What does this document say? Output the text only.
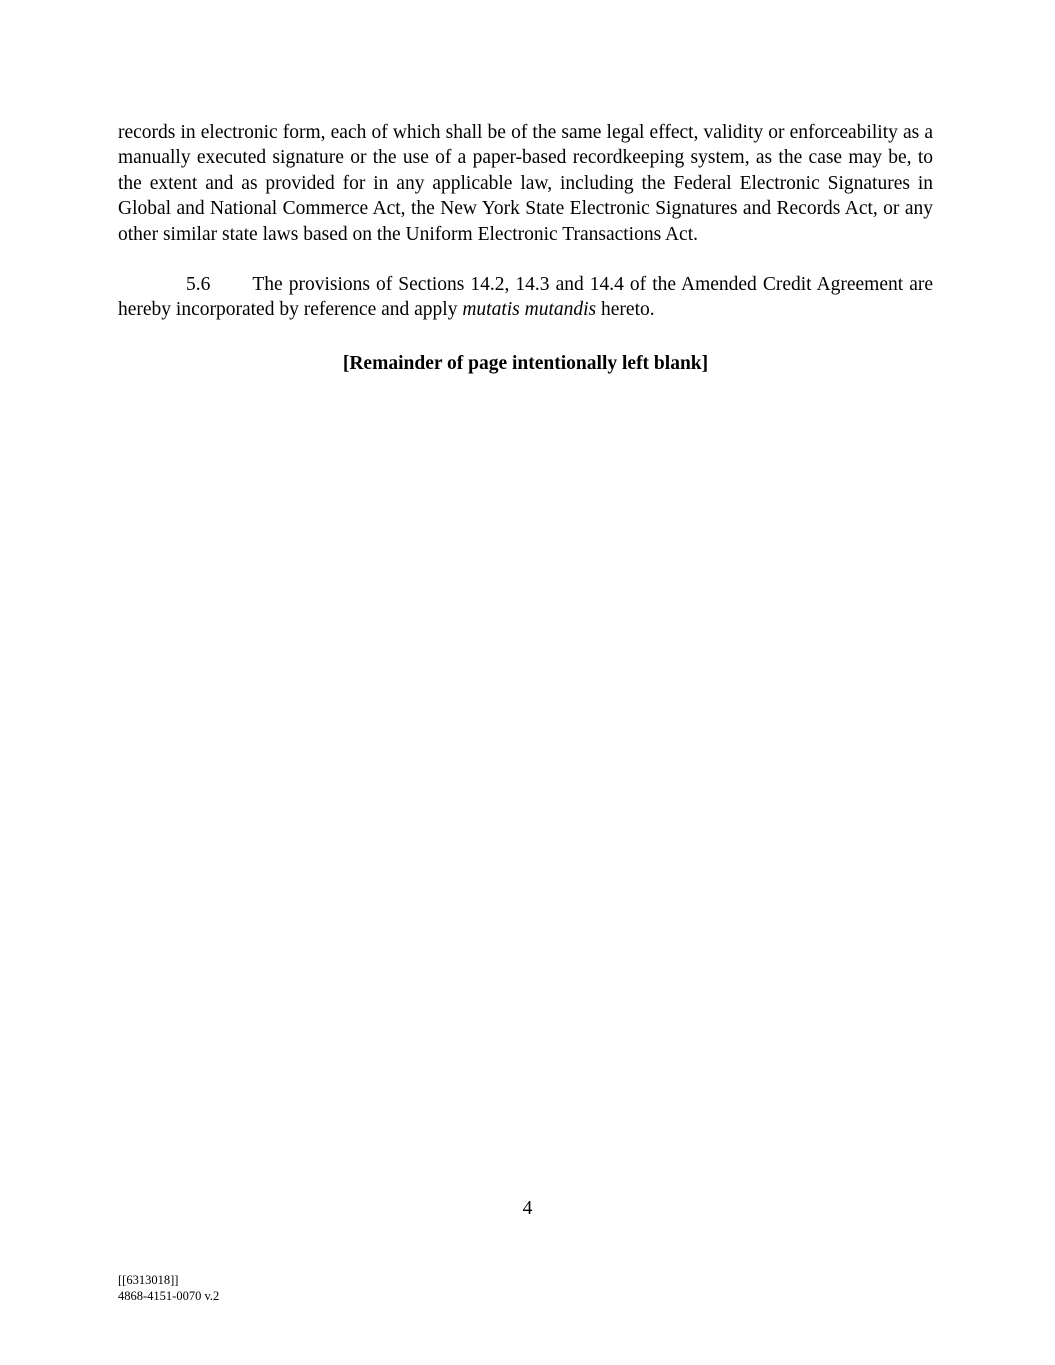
records in electronic form, each of which shall be of the same legal effect, validity or enforceability as a manually executed signature or the use of a paper-based recordkeeping system, as the case may be, to the extent and as provided for in any applicable law, including the Federal Electronic Signatures in Global and National Commerce Act, the New York State Electronic Signatures and Records Act, or any other similar state laws based on the Uniform Electronic Transactions Act.

5.6 The provisions of Sections 14.2, 14.3 and 14.4 of the Amended Credit Agreement are hereby incorporated by reference and apply mutatis mutandis hereto.

[Remainder of page intentionally left blank]

4
[[6313018]]
4868-4151-0070 v.2
